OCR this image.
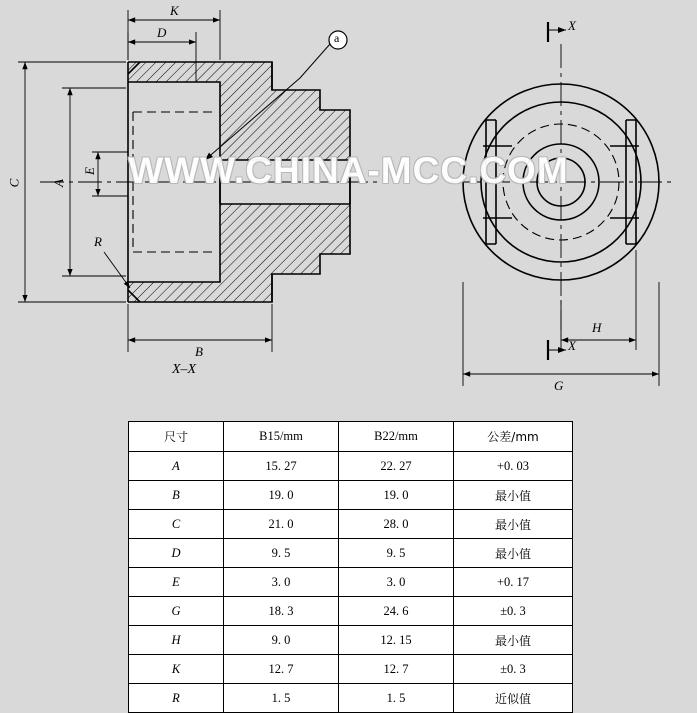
K
D
C A
E
R
B
X–X
a
H
G
X
X
WWW.CHINA-MCC.COM
尺寸	B15/mm	B22/mm	公差/mm
A	15. 27	22. 27	+0. 03
B	19. 0	19. 0	最小值
C	21. 0	28. 0	最小值
D	9. 5	9. 5	最小值
E	3. 0	3. 0	+0. 17
G	18. 3	24. 6	±0. 3
H	9. 0	12. 15	最小值
K	12. 7	12. 7	±0. 3
R	1. 5	1. 5	近似值
